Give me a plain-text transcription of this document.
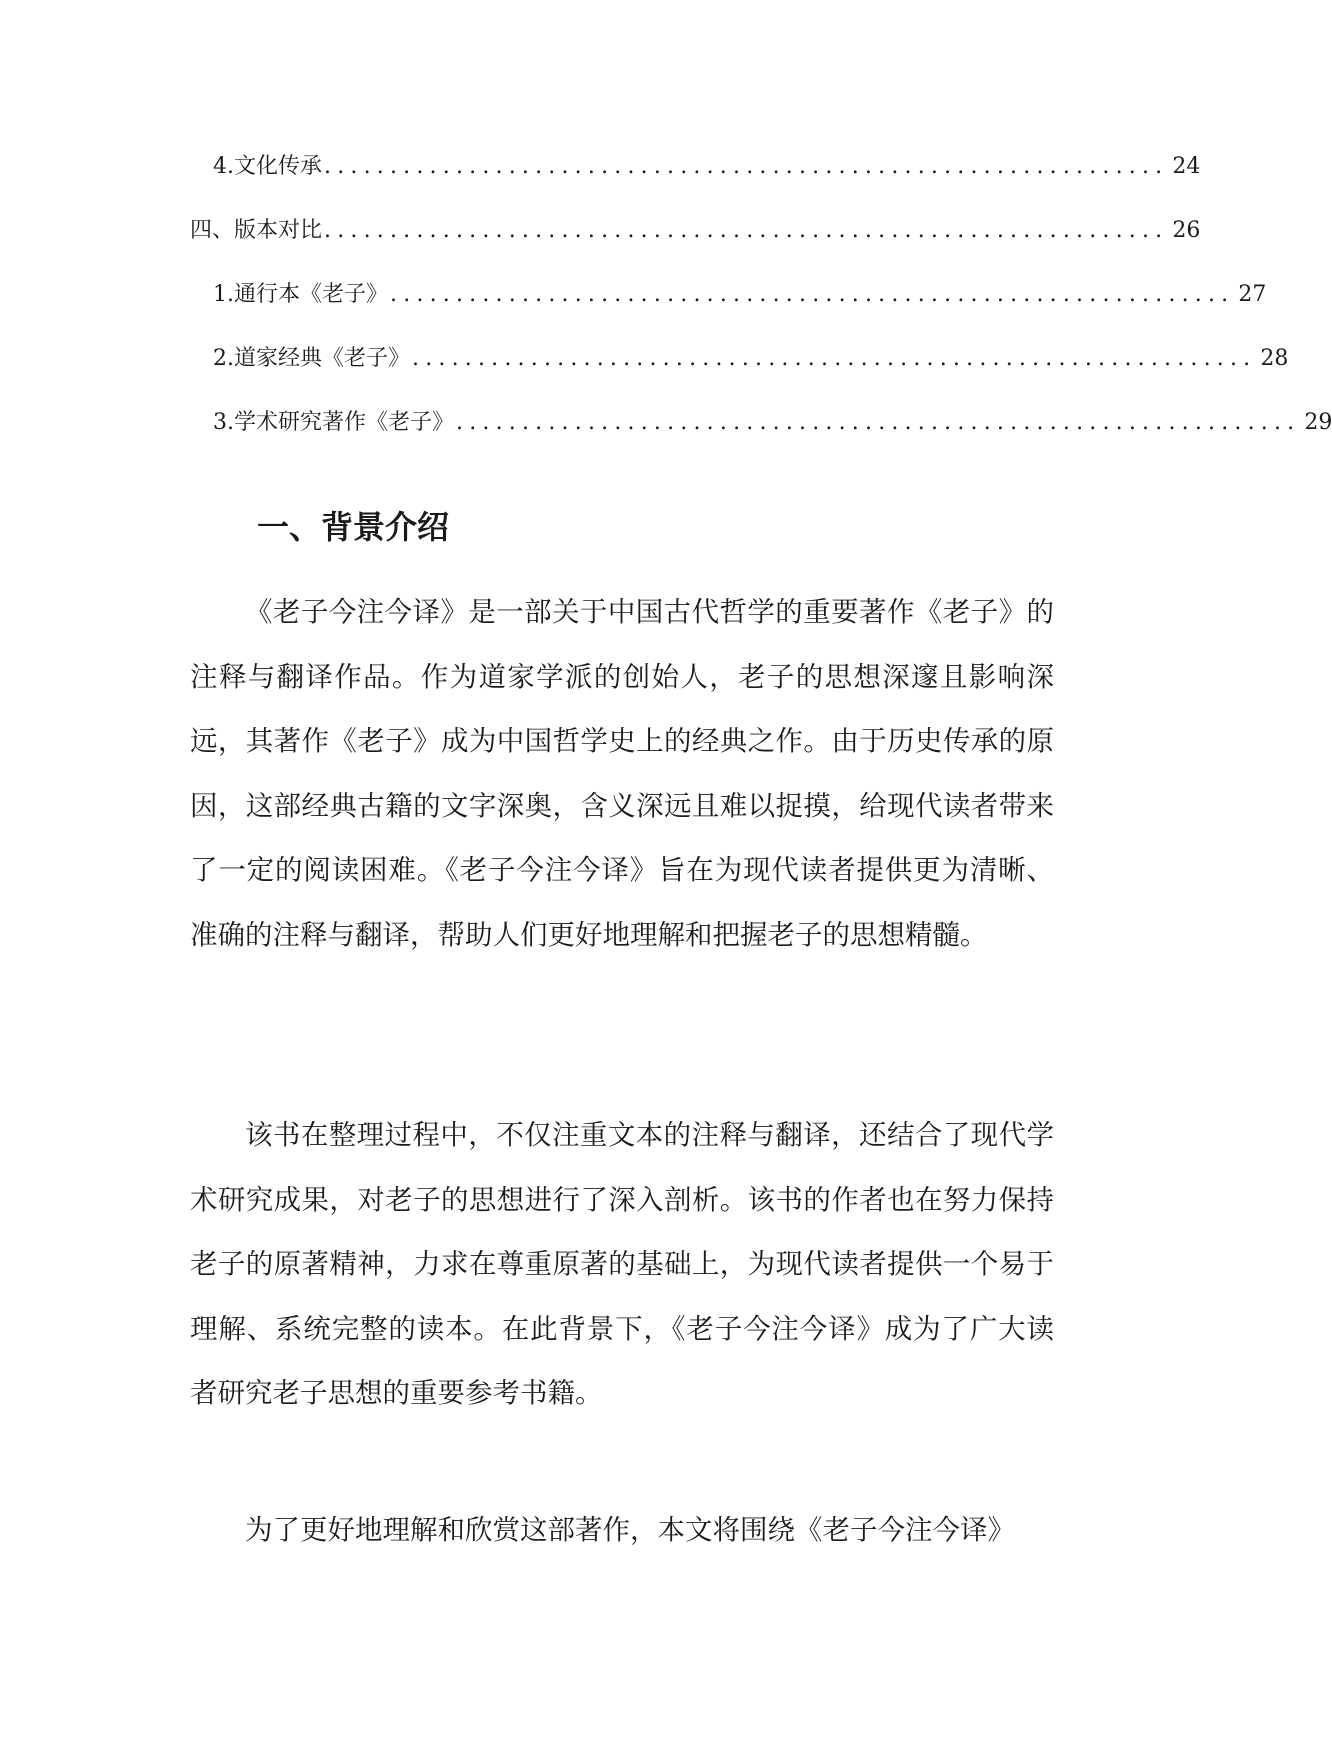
4. 文化传承 ................................................................ 24
四、版本对比 ................................................................ 26
1. 通行本《老子》 ................................................................ 27
2. 道家经典《老子》 ................................................................ 28
3. 学术研究著作《老子》 ................................................................ 29
一、背景介绍

《老子今注今译》是一部关于中国古代哲学的重要著作《老子》的注释与翻译作品。作为道家学派的创始人，老子的思想深邃且影响深远，其著作《老子》成为中国哲学史上的经典之作。由于历史传承的原因，这部经典古籍的文字深奥，含义深远且难以捉摸，给现代读者带来了一定的阅读困难。《老子今注今译》旨在为现代读者提供更为清晰、准确的注释与翻译，帮助人们更好地理解和把握老子的思想精髓。

该书在整理过程中，不仅注重文本的注释与翻译，还结合了现代学术研究成果，对老子的思想进行了深入剖析。该书的作者也在努力保持老子的原著精神，力求在尊重原著的基础上，为现代读者提供一个易于理解、系统完整的读本。在此背景下，《老子今注今译》成为了广大读者研究老子思想的重要参考书籍。

为了更好地理解和欣赏这部著作，本文将围绕《老子今注今译》
